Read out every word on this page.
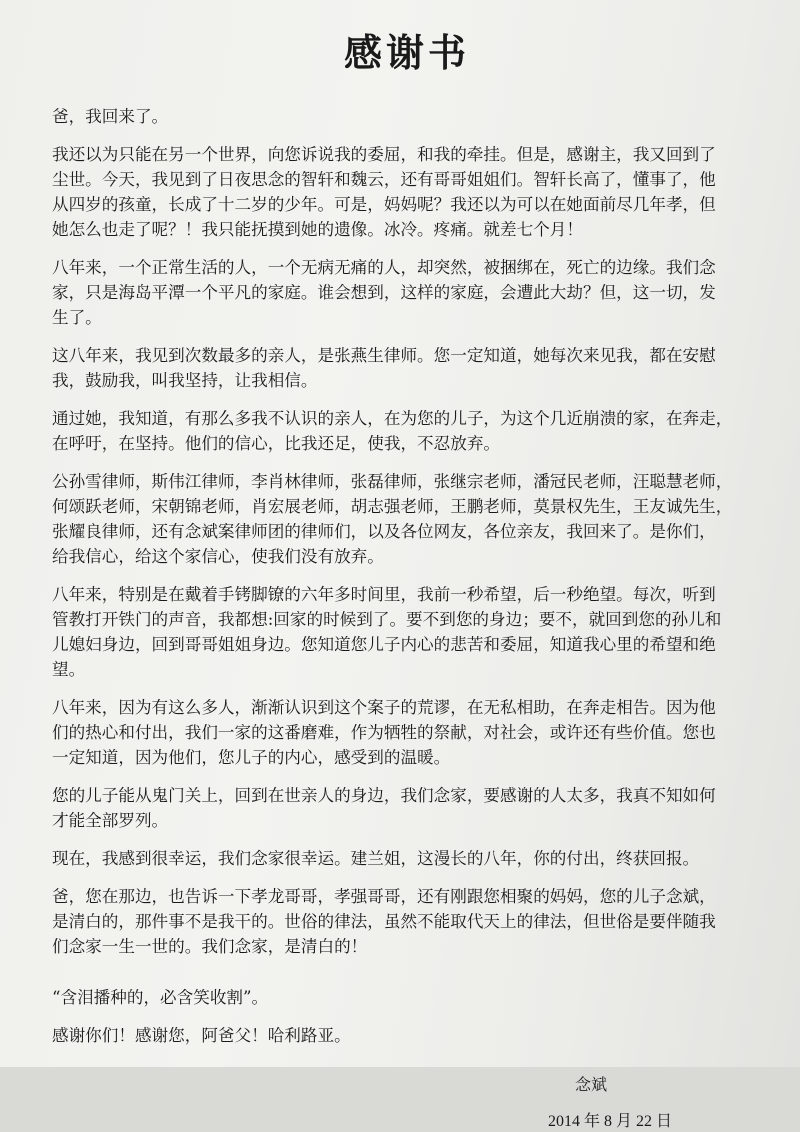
感谢书

爸，我回来了。

我还以为只能在另一个世界，向您诉说我的委屈，和我的牵挂。但是，感谢主，我又回到了
尘世。今天，我见到了日夜思念的智轩和魏云，还有哥哥姐姐们。智轩长高了，懂事了，他
从四岁的孩童，长成了十二岁的少年。可是，妈妈呢？我还以为可以在她面前尽几年孝，但
她怎么也走了呢？！我只能抚摸到她的遗像。冰冷。疼痛。就差七个月！

八年来，一个正常生活的人，一个无病无痛的人，却突然，被捆绑在，死亡的边缘。我们念
家，只是海岛平潭一个平凡的家庭。谁会想到，这样的家庭，会遭此大劫？但，这一切，发
生了。

这八年来，我见到次数最多的亲人，是张燕生律师。您一定知道，她每次来见我，都在安慰
我，鼓励我，叫我坚持，让我相信。

通过她，我知道，有那么多我不认识的亲人，在为您的儿子，为这个几近崩溃的家，在奔走，
在呼吁，在坚持。他们的信心，比我还足，使我，不忍放弃。

公孙雪律师，斯伟江律师，李肖林律师，张磊律师，张继宗老师，潘冠民老师，汪聪慧老师，
何颂跃老师，宋朝锦老师，肖宏展老师，胡志强老师，王鹏老师，莫景权先生，王友诚先生，
张耀良律师，还有念斌案律师团的律师们，以及各位网友，各位亲友，我回来了。是你们，
给我信心，给这个家信心，使我们没有放弃。

八年来，特别是在戴着手铐脚镣的六年多时间里，我前一秒希望，后一秒绝望。每次，听到
管教打开铁门的声音，我都想:回家的时候到了。要不到您的身边；要不，就回到您的孙儿和
儿媳妇身边，回到哥哥姐姐身边。您知道您儿子内心的悲苦和委屈，知道我心里的希望和绝
望。

八年来，因为有这么多人，渐渐认识到这个案子的荒谬，在无私相助，在奔走相告。因为他
们的热心和付出，我们一家的这番磨难，作为牺牲的祭献，对社会，或许还有些价值。您也
一定知道，因为他们，您儿子的内心，感受到的温暖。

您的儿子能从鬼门关上，回到在世亲人的身边，我们念家，要感谢的人太多，我真不知如何
才能全部罗列。

现在，我感到很幸运，我们念家很幸运。建兰姐，这漫长的八年，你的付出，终获回报。

爸，您在那边，也告诉一下孝龙哥哥，孝强哥哥，还有刚跟您相聚的妈妈，您的儿子念斌，
是清白的，那件事不是我干的。世俗的律法，虽然不能取代天上的律法，但世俗是要伴随我
们念家一生一世的。我们念家，是清白的！

“含泪播种的，必含笑收割”。

感谢你们！感谢您，阿爸父！哈利路亚。

念斌
2014 年 8 月 22 日
